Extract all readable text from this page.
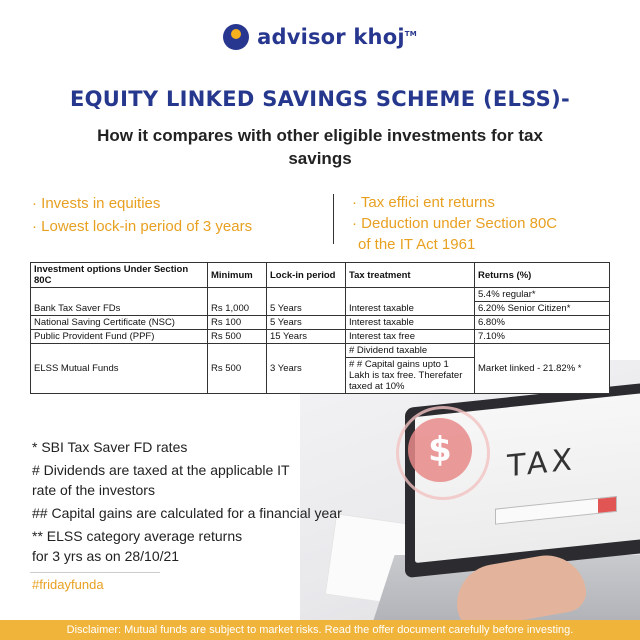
TAX
$
advisor khoj™
EQUITY LINKED SAVINGS SCHEME (ELSS)-
How it compares with other eligible investments for tax savings
· Invests in equities
· Lowest lock-in period of 3 years
· Tax effici ent returns
· Deduction under Section 80C
of the IT Act 1961
Investment options Under Section 80C	Minimum	Lock-in period	Tax treatment	Returns (%)
Bank Tax Saver FDs	Rs 1,000	5 Years	Interest taxable	5.4% regular*
				6.20% Senior Citizen*
National Saving Certificate (NSC)	Rs 100	5 Years	Interest taxable	6.80%
Public Provident Fund (PPF)	Rs 500	15 Years	Interest tax free	7.10%
ELSS Mutual Funds	Rs 500	3 Years	# Dividend taxable	Market linked - 21.82% *
			# # Capital gains upto 1 Lakh is tax free. Therefater taxed at 10%	
* SBI Tax Saver FD rates
# Dividends are taxed at the applicable IT rate of the investors
## Capital gains are calculated for a financial year
** ELSS category average returns for 3 yrs as on 28/10/21
#fridayfunda
Disclaimer: Mutual funds are subject to market risks. Read the offer document carefully before investing.
